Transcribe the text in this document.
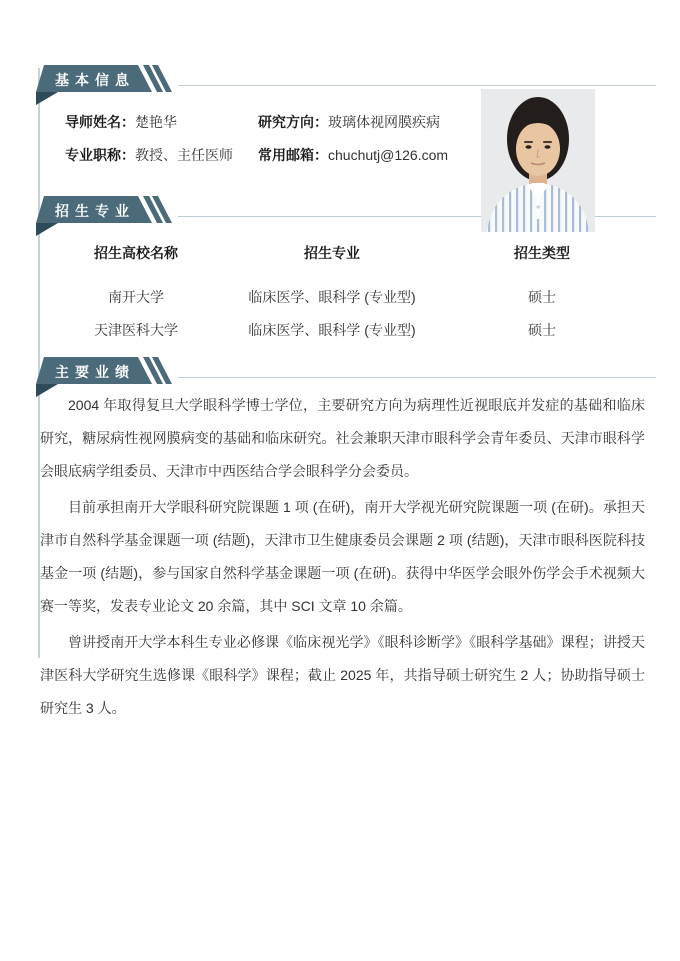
基本信息
导师姓名：楚艳华	研究方向：玻璃体视网膜疾病
专业职称：教授、主任医师 常用邮箱：chuchutj@126.com
招生专业
招生高校名称	招生专业	招生类型
南开大学	临床医学、眼科学 (专业型)	硕士
天津医科大学	临床医学、眼科学 (专业型)	硕士
主要业绩

2004 年取得复旦大学眼科学博士学位，主要研究方向为病理性近视眼底并发症的基础和临床研究，糖尿病性视网膜病变的基础和临床研究。社会兼职天津市眼科学会青年委员、天津市眼科学会眼底病学组委员、天津市中西医结合学会眼科学分会委员。

目前承担南开大学眼科研究院课题 1 项 (在研)，南开大学视光研究院课题一项 (在研)。承担天津市自然科学基金课题一项 (结题)，天津市卫生健康委员会课题 2 项 (结题)，天津市眼科医院科技基金一项 (结题)，参与国家自然科学基金课题一项 (在研)。获得中华医学会眼外伤学会手术视频大赛一等奖，发表专业论文 20 余篇，其中 SCI 文章 10 余篇。

曾讲授南开大学本科生专业必修课《临床视光学》《眼科诊断学》《眼科学基础》课程；讲授天津医科大学研究生选修课《眼科学》课程；截止 2025 年，共指导硕士研究生 2 人；协助指导硕士研究生 3 人。
